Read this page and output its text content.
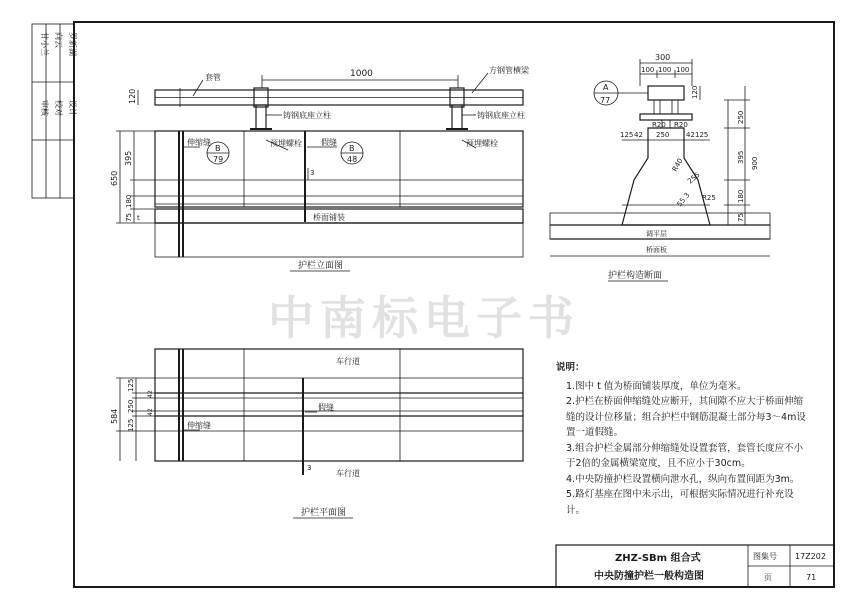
甘小兰 向云 罗新湖
审核 校对 设计
1000
120
650
395
180
75 t
套管
方钢管横梁
铸钢底座立柱	铸钢底座立柱
预埋螺栓	预埋螺栓
伸缩缝	假缝
桥面铺装
B
79
B
48
3
护栏立面图
A
77
300
100 100 100
120
250
900
395
180
75
125	125
42	42
250
R20 R20
R40
R25
255
55.3
调平层
桥面板
护栏构造断面
车行道
车行道
伸缩缝
假缝
584
125
42
250 42
125
3
护栏平面图
ZHZ-SBm 组合式
中央防撞护栏一般构造图
图集号 17Z202
页	71
中南标电子书
说明：
1.图中 t 值为桥面铺装厚度，单位为毫米。
2.护栏在桥面伸缩缝处应断开，其间隙不应大于桥面伸缩缝的设计位移量；组合护栏中钢筋混凝土部分每3～4m设置一道假缝。
3.组合护栏金属部分伸缩缝处设置套管，套管长度应不小于2倍的金属横梁宽度，且不应小于30cm。
4.中央防撞护栏设置横向泄水孔，纵向布置间距为3m。
5.路灯基座在图中未示出，可根据实际情况进行补充设计。
